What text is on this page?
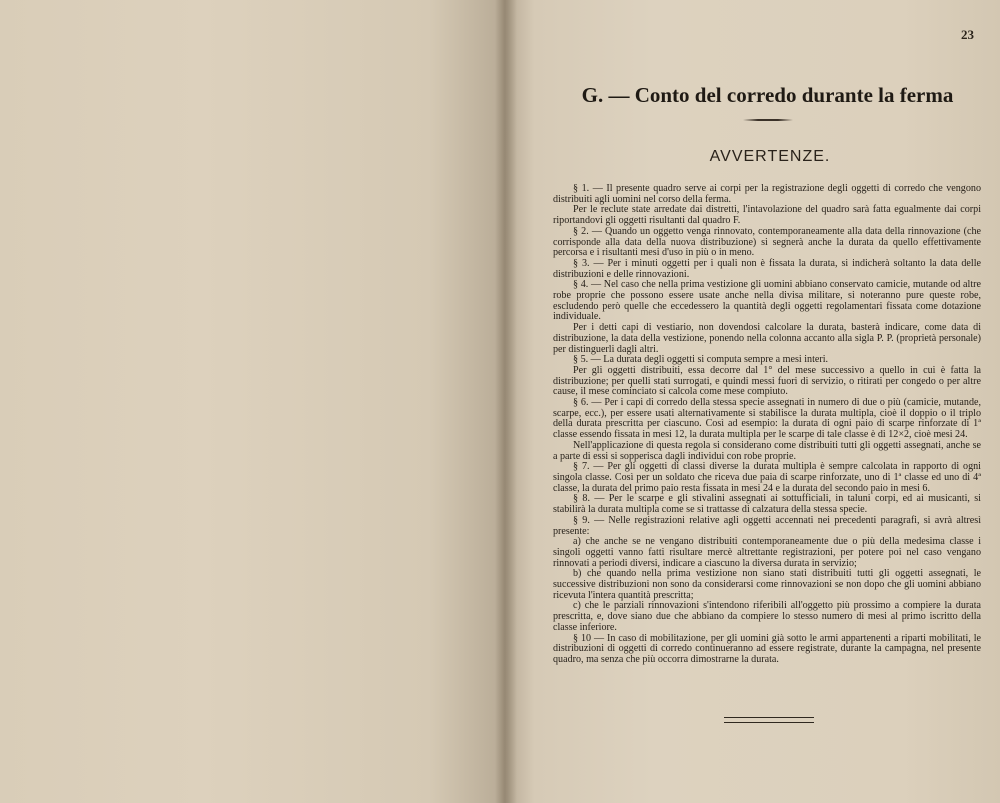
23
G. — Conto del corredo durante la ferma
AVVERTENZE.

§ 1. — Il presente quadro serve ai corpi per la registrazione degli oggetti di corredo che vengono distribuiti agli uomini nel corso della ferma.

Per le reclute state arredate dai distretti, l'intavolazione del quadro sarà fatta egualmente dai corpi riportandovi gli oggetti risultanti dal quadro F.

§ 2. — Quando un oggetto venga rinnovato, contemporaneamente alla data della rinnovazione (che corrisponde alla data della nuova distribuzione) si segnerà anche la durata da quello effettivamente percorsa e i risultanti mesi d'uso in più o in meno.

§ 3. — Per i minuti oggetti per i quali non è fissata la durata, si indicherà soltanto la data delle distribuzioni e delle rinnovazioni.

§ 4. — Nel caso che nella prima vestizione gli uomini abbiano conservato camicie, mutande od altre robe proprie che possono essere usate anche nella divisa militare, si noteranno pure queste robe, escludendo però quelle che eccedessero la quantità degli oggetti regolamentari fissata come dotazione individuale.

Per i detti capi di vestiario, non dovendosi calcolare la durata, basterà indicare, come data di distribuzione, la data della vestizione, ponendo nella colonna accanto alla sigla P. P. (proprietà personale) per distinguerli dagli altri.

§ 5. — La durata degli oggetti si computa sempre a mesi interi.

Per gli oggetti distribuiti, essa decorre dal 1° del mese successivo a quello in cui è fatta la distribuzione; per quelli stati surrogati, e quindi messi fuori di servizio, o ritirati per congedo o per altre cause, il mese cominciato si calcola come mese compiuto.

§ 6. — Per i capi di corredo della stessa specie assegnati in numero di due o più (camicie, mutande, scarpe, ecc.), per essere usati alternativamente si stabilisce la durata multipla, cioè il doppio o il triplo della durata prescritta per ciascuno. Così ad esempio: la durata di ogni paio di scarpe rinforzate di 1ª classe essendo fissata in mesi 12, la durata multipla per le scarpe di tale classe è di 12×2, cioè mesi 24.

Nell'applicazione di questa regola si considerano come distribuiti tutti gli oggetti assegnati, anche se a parte di essi si sopperisca dagli individui con robe proprie.

§ 7. — Per gli oggetti di classi diverse la durata multipla è sempre calcolata in rapporto di ogni singola classe. Così per un soldato che riceva due paia di scarpe rinforzate, uno di 1ª classe ed uno di 4ª classe, la durata del primo paio resta fissata in mesi 24 e la durata del secondo paio in mesi 6.

§ 8. — Per le scarpe e gli stivalini assegnati ai sottufficiali, in taluni corpi, ed ai musicanti, si stabilirà la durata multipla come se si trattasse di calzatura della stessa specie.

§ 9. — Nelle registrazioni relative agli oggetti accennati nei precedenti paragrafi, si avrà altresì presente:

a) che anche se ne vengano distribuiti contemporaneamente due o più della medesima classe i singoli oggetti vanno fatti risultare mercè altrettante registrazioni, per potere poi nel caso vengano rinnovati a periodi diversi, indicare a ciascuno la diversa durata in servizio;

b) che quando nella prima vestizione non siano stati distribuiti tutti gli oggetti assegnati, le successive distribuzioni non sono da considerarsi come rinnovazioni se non dopo che gli uomini abbiano ricevuta l'intera quantità prescritta;

c) che le parziali rinnovazioni s'intendono riferibili all'oggetto più prossimo a compiere la durata prescritta, e, dove siano due che abbiano da compiere lo stesso numero di mesi al primo iscritto della classe inferiore.

§ 10 — In caso di mobilitazione, per gli uomini già sotto le armi appartenenti a riparti mobilitati, le distribuzioni di oggetti di corredo continueranno ad essere registrate, durante la campagna, nel presente quadro, ma senza che più occorra dimostrarne la durata.
